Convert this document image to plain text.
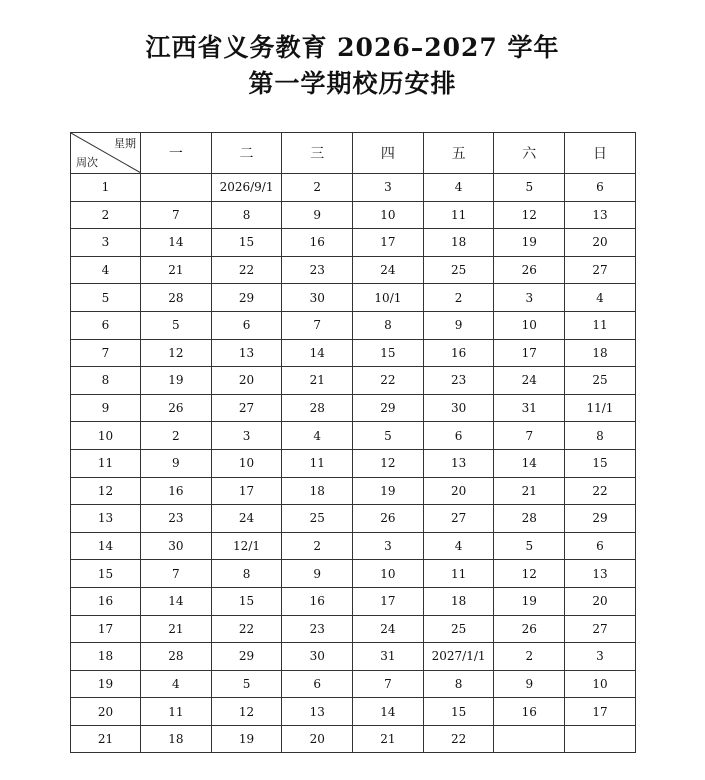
江西省义务教育 2026–2027 学年
第一学期校历安排
星期
周次	一	二	三	四	五	六	日
1		2026/9/1	2	3	4	5	6
2	7	8	9	10	11	12	13
3	14	15	16	17	18	19	20
4	21	22	23	24	25	26	27
5	28	29	30	10/1	2	3	4
6	5	6	7	8	9	10	11
7	12	13	14	15	16	17	18
8	19	20	21	22	23	24	25
9	26	27	28	29	30	31	11/1
10	2	3	4	5	6	7	8
11	9	10	11	12	13	14	15
12	16	17	18	19	20	21	22
13	23	24	25	26	27	28	29
14	30	12/1	2	3	4	5	6
15	7	8	9	10	11	12	13
16	14	15	16	17	18	19	20
17	21	22	23	24	25	26	27
18	28	29	30	31	2027/1/1	2	3
19	4	5	6	7	8	9	10
20	11	12	13	14	15	16	17
21	18	19	20	21	22		
